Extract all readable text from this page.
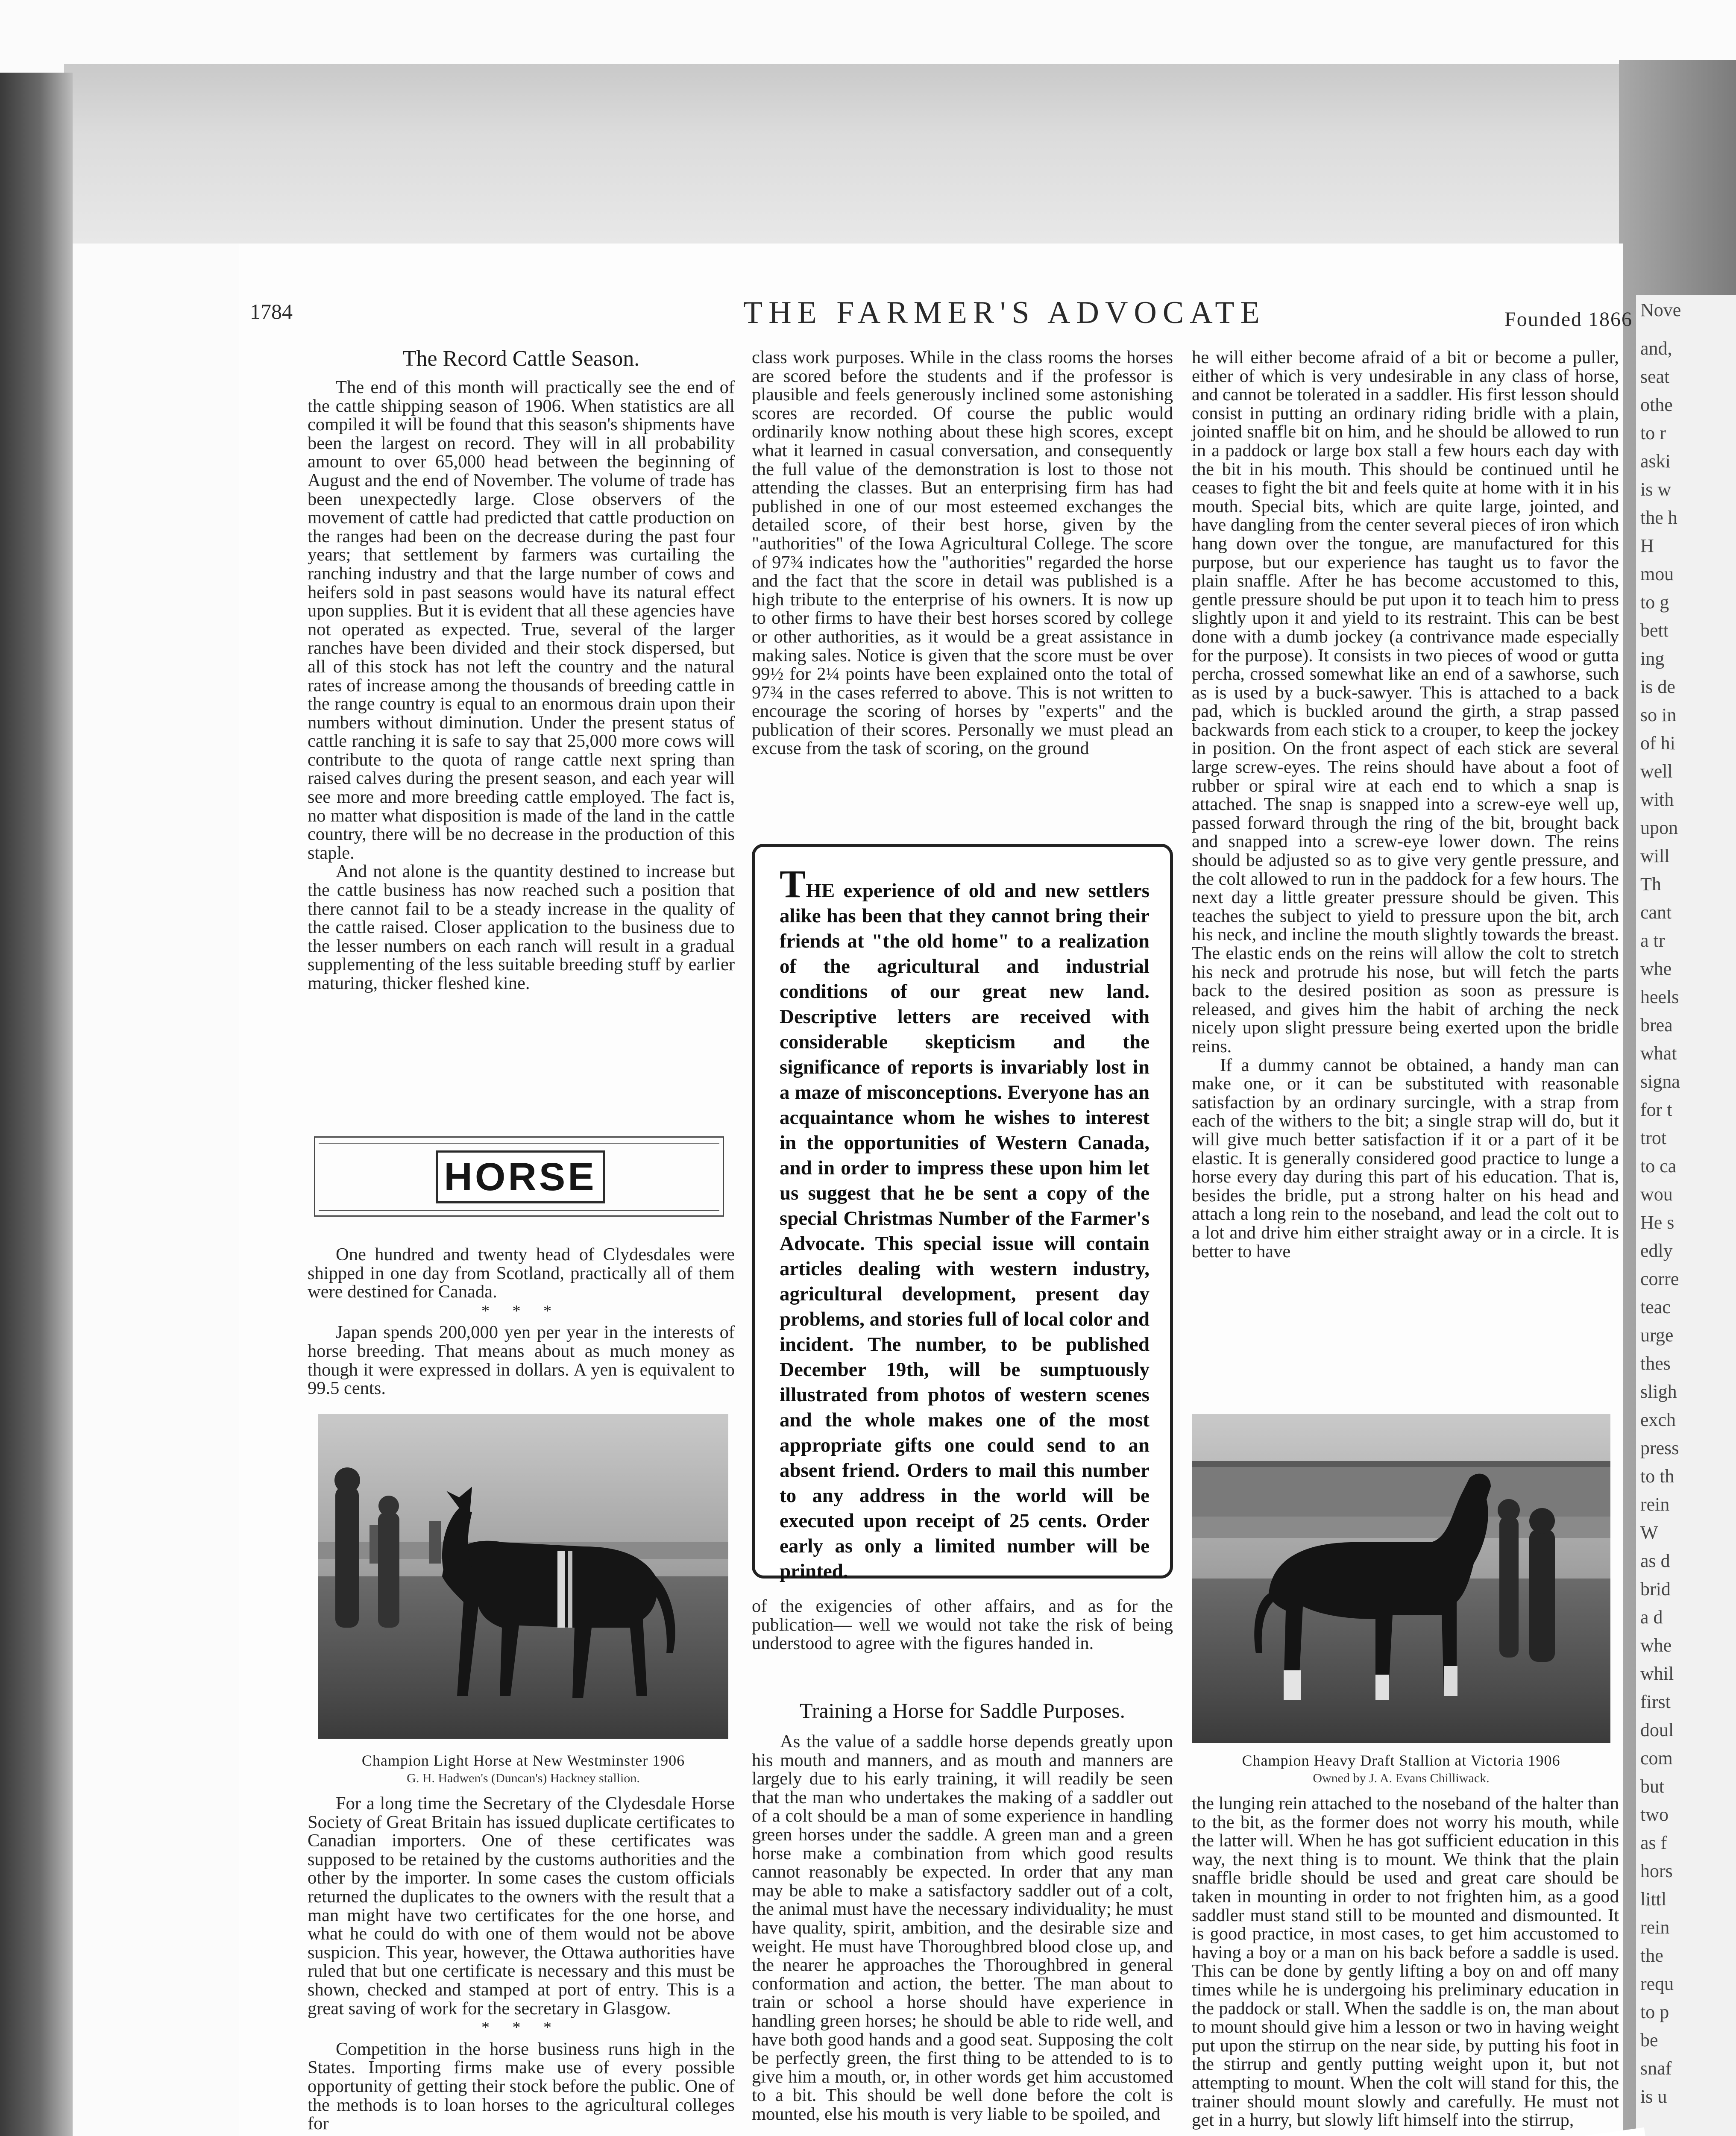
Nove
and,
seat
othe
to r
aski
is w
the h
H
mou
to g
bett
ing
is de
so in
of hi
well
with
upon
will
Th
cant
a tr
whe
heels
brea
what
signa
for t
trot
to ca
wou
He s
edly
corre
teac
urge
thes
sligh
exch
press
to th
rein
W
as d
brid
a d
whe
whil
first
doul
com
but
two
as f
hors
littl
rein
the
requ
to p
be
snaf
is u
1784	THE FARMER'S ADVOCATE	Founded 1866
The Record Cattle Season.

The end of this month will practically see the end of the cattle shipping season of 1906. When statistics are all compiled it will be found that this season's shipments have been the largest on record. They will in all probability amount to over 65,000 head between the beginning of August and the end of November. The volume of trade has been unexpectedly large. Close observers of the movement of cattle had predicted that cattle production on the ranges had been on the decrease during the past four years; that settlement by farmers was curtailing the ranching industry and that the large number of cows and heifers sold in past seasons would have its natural effect upon supplies. But it is evident that all these agencies have not operated as expected. True, several of the larger ranches have been divided and their stock dispersed, but all of this stock has not left the country and the natural rates of increase among the thousands of breeding cattle in the range country is equal to an enormous drain upon their numbers without diminution. Under the present status of cattle ranching it is safe to say that 25,000 more cows will contribute to the quota of range cattle next spring than raised calves during the present season, and each year will see more and more breeding cattle employed. The fact is, no matter what disposition is made of the land in the cattle country, there will be no decrease in the production of this staple.

And not alone is the quantity destined to increase but the cattle business has now reached such a position that there cannot fail to be a steady increase in the quality of the cattle raised. Closer application to the business due to the lesser numbers on each ranch will result in a gradual supplementing of the less suitable breeding stuff by earlier maturing, thicker fleshed kine.

HORSE

One hundred and twenty head of Clydesdales were shipped in one day from Scotland, practically all of them were destined for Canada.

* * *

Japan spends 200,000 yen per year in the interests of horse breeding. That means about as much money as though it were expressed in dollars. A yen is equivalent to 99.5 cents.

Champion Light Horse at New Westminster 1906
G. H. Hadwen's (Duncan's) Hackney stallion.

For a long time the Secretary of the Clydesdale Horse Society of Great Britain has issued duplicate certificates to Canadian importers. One of these certificates was supposed to be retained by the customs authorities and the other by the importer. In some cases the custom officials returned the duplicates to the owners with the result that a man might have two certificates for the one horse, and what he could do with one of them would not be above suspicion. This year, however, the Ottawa authorities have ruled that but one certificate is necessary and this must be shown, checked and stamped at port of entry. This is a great saving of work for the secretary in Glasgow.

* * *

Competition in the horse business runs high in the States. Importing firms make use of every possible opportunity of getting their stock before the public. One of the methods is to loan horses to the agricultural colleges for

class work purposes. While in the class rooms the horses are scored before the students and if the professor is plausible and feels generously inclined some astonishing scores are recorded. Of course the public would ordinarily know nothing about these high scores, except what it learned in casual conversation, and consequently the full value of the demonstration is lost to those not attending the classes. But an enterprising firm has had published in one of our most esteemed exchanges the detailed score, of their best horse, given by the "authorities" of the Iowa Agricultural College. The score of 97¾ indicates how the "authorities" regarded the horse and the fact that the score in detail was published is a high tribute to the enterprise of his owners. It is now up to other firms to have their best horses scored by college or other authorities, as it would be a great assistance in making sales. Notice is given that the score must be over 99½ for 2¼ points have been explained onto the total of 97¾ in the cases referred to above. This is not written to encourage the scoring of horses by "experts" and the publication of their scores. Personally we must plead an excuse from the task of scoring, on the ground

THE experience of old and new settlers alike has been that they cannot bring their friends at "the old home" to a realization of the agricultural and industrial conditions of our great new land. Descriptive letters are received with considerable skepticism and the significance of reports is invariably lost in a maze of misconceptions. Everyone has an acquaintance whom he wishes to interest in the opportunities of Western Canada, and in order to impress these upon him let us suggest that he be sent a copy of the special Christmas Number of the Farmer's Advocate. This special issue will contain articles dealing with western industry, agricultural development, present day problems, and stories full of local color and incident. The number, to be published December 19th, will be sumptuously illustrated from photos of western scenes and the whole makes one of the most appropriate gifts one could send to an absent friend. Orders to mail this number to any address in the world will be executed upon receipt of 25 cents. Order early as only a limited number will be printed.

of the exigencies of other affairs, and as for the publication— well we would not take the risk of being understood to agree with the figures handed in.

Training a Horse for Saddle Purposes.

As the value of a saddle horse depends greatly upon his mouth and manners, and as mouth and manners are largely due to his early training, it will readily be seen that the man who undertakes the making of a saddler out of a colt should be a man of some experience in handling green horses under the saddle. A green man and a green horse make a combination from which good results cannot reasonably be expected. In order that any man may be able to make a satisfactory saddler out of a colt, the animal must have the necessary individuality; he must have quality, spirit, ambition, and the desirable size and weight. He must have Thoroughbred blood close up, and the nearer he approaches the Thoroughbred in general conformation and action, the better. The man about to train or school a horse should have experience in handling green horses; he should be able to ride well, and have both good hands and a good seat. Supposing the colt be perfectly green, the first thing to be attended to is to give him a mouth, or, in other words get him accustomed to a bit. This should be well done before the colt is mounted, else his mouth is very liable to be spoiled, and

he will either become afraid of a bit or become a puller, either of which is very undesirable in any class of horse, and cannot be tolerated in a saddler. His first lesson should consist in putting an ordinary riding bridle with a plain, jointed snaffle bit on him, and he should be allowed to run in a paddock or large box stall a few hours each day with the bit in his mouth. This should be continued until he ceases to fight the bit and feels quite at home with it in his mouth. Special bits, which are quite large, jointed, and have dangling from the center several pieces of iron which hang down over the tongue, are manufactured for this purpose, but our experience has taught us to favor the plain snaffle. After he has become accustomed to this, gentle pressure should be put upon it to teach him to press slightly upon it and yield to its restraint. This can be best done with a dumb jockey (a contrivance made especially for the purpose). It consists in two pieces of wood or gutta percha, crossed somewhat like an end of a sawhorse, such as is used by a buck-sawyer. This is attached to a back pad, which is buckled around the girth, a strap passed backwards from each stick to a crouper, to keep the jockey in position. On the front aspect of each stick are several large screw-eyes. The reins should have about a foot of rubber or spiral wire at each end to which a snap is attached. The snap is snapped into a screw-eye well up, passed forward through the ring of the bit, brought back and snapped into a screw-eye lower down. The reins should be adjusted so as to give very gentle pressure, and the colt allowed to run in the paddock for a few hours. The next day a little greater pressure should be given. This teaches the subject to yield to pressure upon the bit, arch his neck, and incline the mouth slightly towards the breast. The elastic ends on the reins will allow the colt to stretch his neck and protrude his nose, but will fetch the parts back to the desired position as soon as pressure is released, and gives him the habit of arching the neck nicely upon slight pressure being exerted upon the bridle reins.

If a dummy cannot be obtained, a handy man can make one, or it can be substituted with reasonable satisfaction by an ordinary surcingle, with a strap from each of the withers to the bit; a single strap will do, but it will give much better satisfaction if it or a part of it be elastic. It is generally considered good practice to lunge a horse every day during this part of his education. That is, besides the bridle, put a strong halter on his head and attach a long rein to the noseband, and lead the colt out to a lot and drive him either straight away or in a circle. It is better to have

Champion Heavy Draft Stallion at Victoria 1906
Owned by J. A. Evans Chilliwack.

the lunging rein attached to the noseband of the halter than to the bit, as the former does not worry his mouth, while the latter will. When he has got sufficient education in this way, the next thing is to mount. We think that the plain snaffle bridle should be used and great care should be taken in mounting in order to not frighten him, as a good saddler must stand still to be mounted and dismounted. It is good practice, in most cases, to get him accustomed to having a boy or a man on his back before a saddle is used. This can be done by gently lifting a boy on and off many times while he is undergoing his preliminary education in the paddock or stall. When the saddle is on, the man about to mount should give him a lesson or two in having weight put upon the stirrup on the near side, by putting his foot in the stirrup and gently putting weight upon it, but not attempting to mount. When the colt will stand for this, the trainer should mount slowly and carefully. He must not get in a hurry, but slowly lift himself into the stirrup,
